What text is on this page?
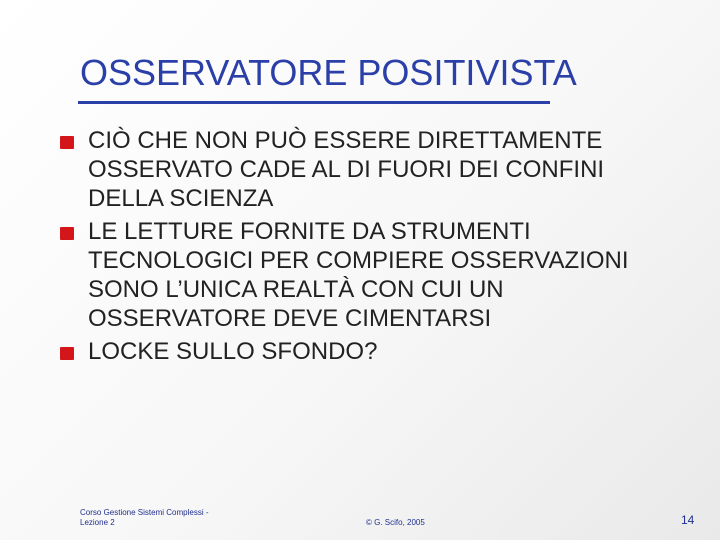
OSSERVATORE POSITIVISTA
CIÒ CHE NON PUÒ ESSERE DIRETTAMENTE
OSSERVATO CADE AL DI FUORI DEI CONFINI
DELLA SCIENZA
LE LETTURE FORNITE DA STRUMENTI
TECNOLOGICI PER COMPIERE OSSERVAZIONI
SONO L’UNICA REALTÀ CON CUI UN
OSSERVATORE DEVE CIMENTARSI
LOCKE SULLO SFONDO?
Corso Gestione Sistemi Complessi -
Lezione 2	© G. Scifo, 2005	14
